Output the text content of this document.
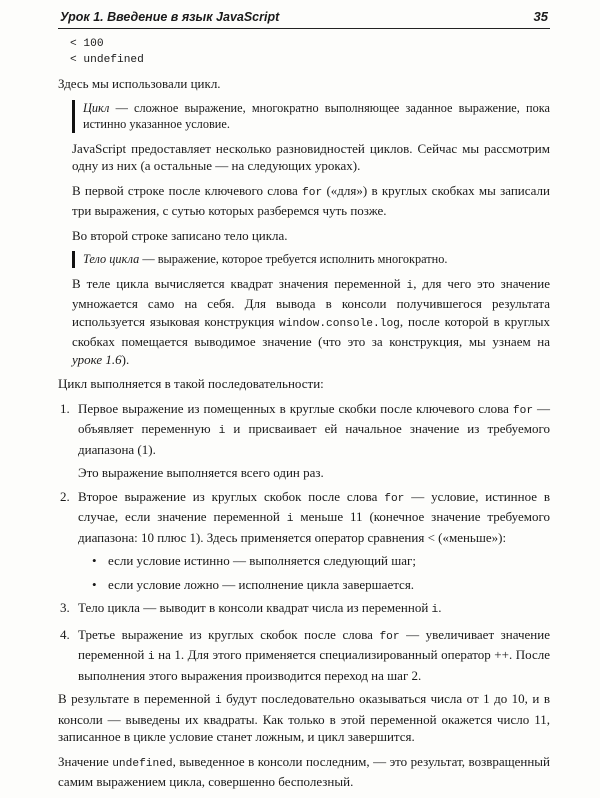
Урок 1. Введение в язык JavaScript	35
< 100
< undefined

Здесь мы использовали цикл.

Цикл — сложное выражение, многократно выполняющее заданное выражение, пока истинно указанное условие.

JavaScript предоставляет несколько разновидностей циклов. Сейчас мы рассмотрим одну из них (а остальные — на следующих уроках).

В первой строке после ключевого слова for («для») в круглых скобках мы записали три выражения, с сутью которых разберемся чуть позже.

Во второй строке записано тело цикла.

Тело цикла — выражение, которое требуется исполнить многократно.

В теле цикла вычисляется квадрат значения переменной i, для чего это значение умножается само на себя. Для вывода в консоли получившегося результата используется языковая конструкция window.console.log, после которой в круглых скобках помещается выводимое значение (что это за конструкция, мы узнаем на уроке 1.6).

Цикл выполняется в такой последовательности:

1. Первое выражение из помещенных в круглые скобки после ключевого слова for — объявляет переменную i и присваивает ей начальное значение из требуемого диапазона (1).

Это выражение выполняется всего один раз.

2. Второе выражение из круглых скобок после слова for — условие, истинное в случае, если значение переменной i меньше 11 (конечное значение требуемого диапазона: 10 плюс 1). Здесь применяется оператор сравнения < («меньше»):

• если условие истинно — выполняется следующий шаг;
• если условие ложно — исполнение цикла завершается.
3. Тело цикла — выводит в консоли квадрат числа из переменной i.

4. Третье выражение из круглых скобок после слова for — увеличивает значение переменной i на 1. Для этого применяется специализированный оператор ++. После выполнения этого выражения производится переход на шаг 2.

В результате в переменной i будут последовательно оказываться числа от 1 до 10, и в консоли — выведены их квадраты. Как только в этой переменной окажется число 11, записанное в цикле условие станет ложным, и цикл завершится.

Значение undefined, выведенное в консоли последним, — это результат, возвращенный самим выражением цикла, совершенно бесполезный.
